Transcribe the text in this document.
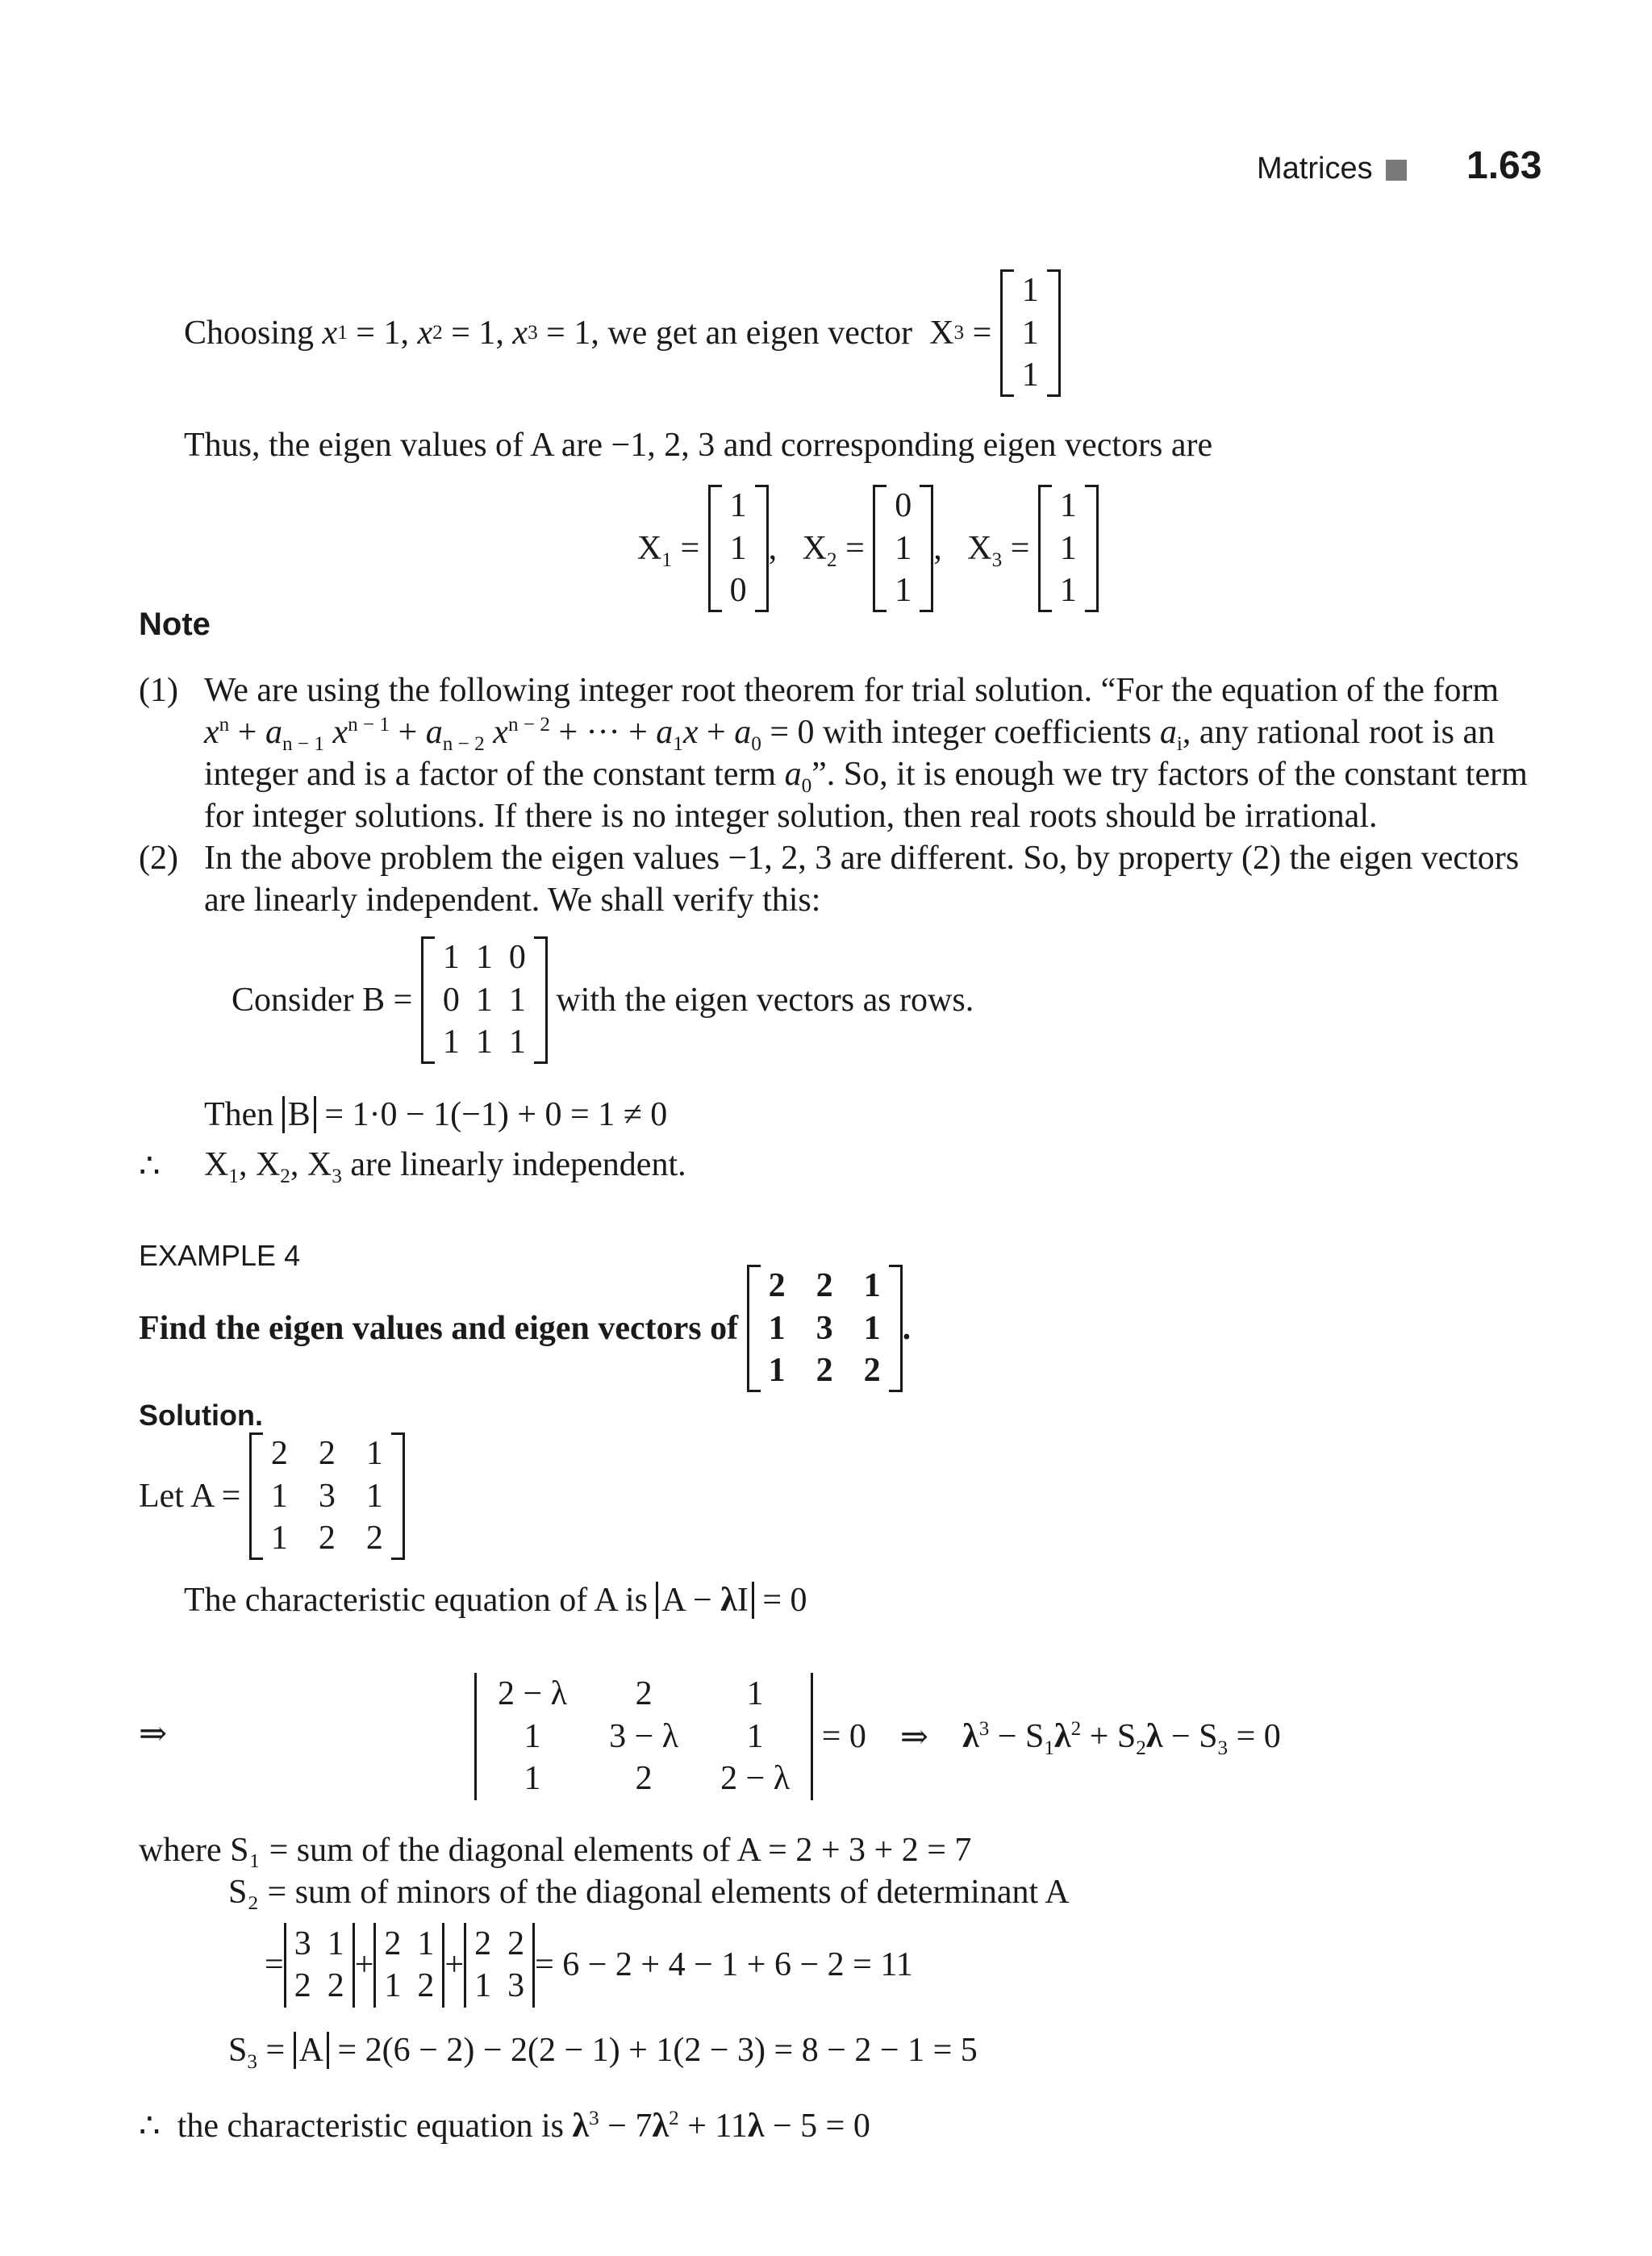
Matrices 1.63
Choosing
x 1 = 1, x 2 = 1, x 3 = 1, we get an eigen vector X 3 =
1
1
1
Thus, the eigen values of A are −1, 2, 3 and corresponding eigen vectors are
$X_1$ =
1
1
0
,   $X_2$ =
0
1
1
,   $X_3$ =
1
1
1
Note
(1) We are using the following integer root theorem for trial solution. “For the equation of the form
$x^n + a_{n - 1}$ $x^{n - 1} + a_{n - 2}$ $x^{n - 2}$ + ··· + $a_1x + a_0 = 0$ with integer coefficients $a_i$, any rational root is an
integer and is a factor of the constant term $a_0$”. So, it is enough we try factors of the constant term
for integer solutions. If there is no integer solution, then real roots should be irrational.
(2) In the above problem the eigen values −1, 2, 3 are different. So, by property (2) the eigen vectors
are linearly independent. We shall verify this:
Consider B =

1	1	0
0	1	1
1	1	1

with the eigen vectors as rows.
Then B = 1·0 − 1(−1) + 0 = 1 ≠ 0
∴ $X_1$, $X_2$, $X_3$ are linearly independent.
EXAMPLE 4
Find the eigen values and eigen vectors of

2	2	1
1	3	1
1	2	2
.
Solution.
Let A =

2	2	1
1	3	1
1	2	2
The characteristic equation of A is A − λI = 0
⇒
2 − λ	2	1
1	3 − λ	1
1	2	2 − λ

= 0
⇒
$\lambda^3 - S_1\lambda^2 + S_2\lambda - S_3 = 0$
where S₁ = sum of the diagonal elements of A = 2 + 3 + 2 = 7
S₂ = sum of minors of the diagonal elements of determinant A
=
3	1
2	2
+
2	1
1	2
+
2	2
1	3
= 6 − 2 + 4 − 1 + 6 − 2 = 11
$S_3 = A = 2(6 - 2) - 2(2 - 1) + 1(2 - 3) = 8 - 2 - 1 = 5$
∴ the characteristic equation is $\lambda^3 - 7\lambda^2 + 11\lambda - 5 = 0$
